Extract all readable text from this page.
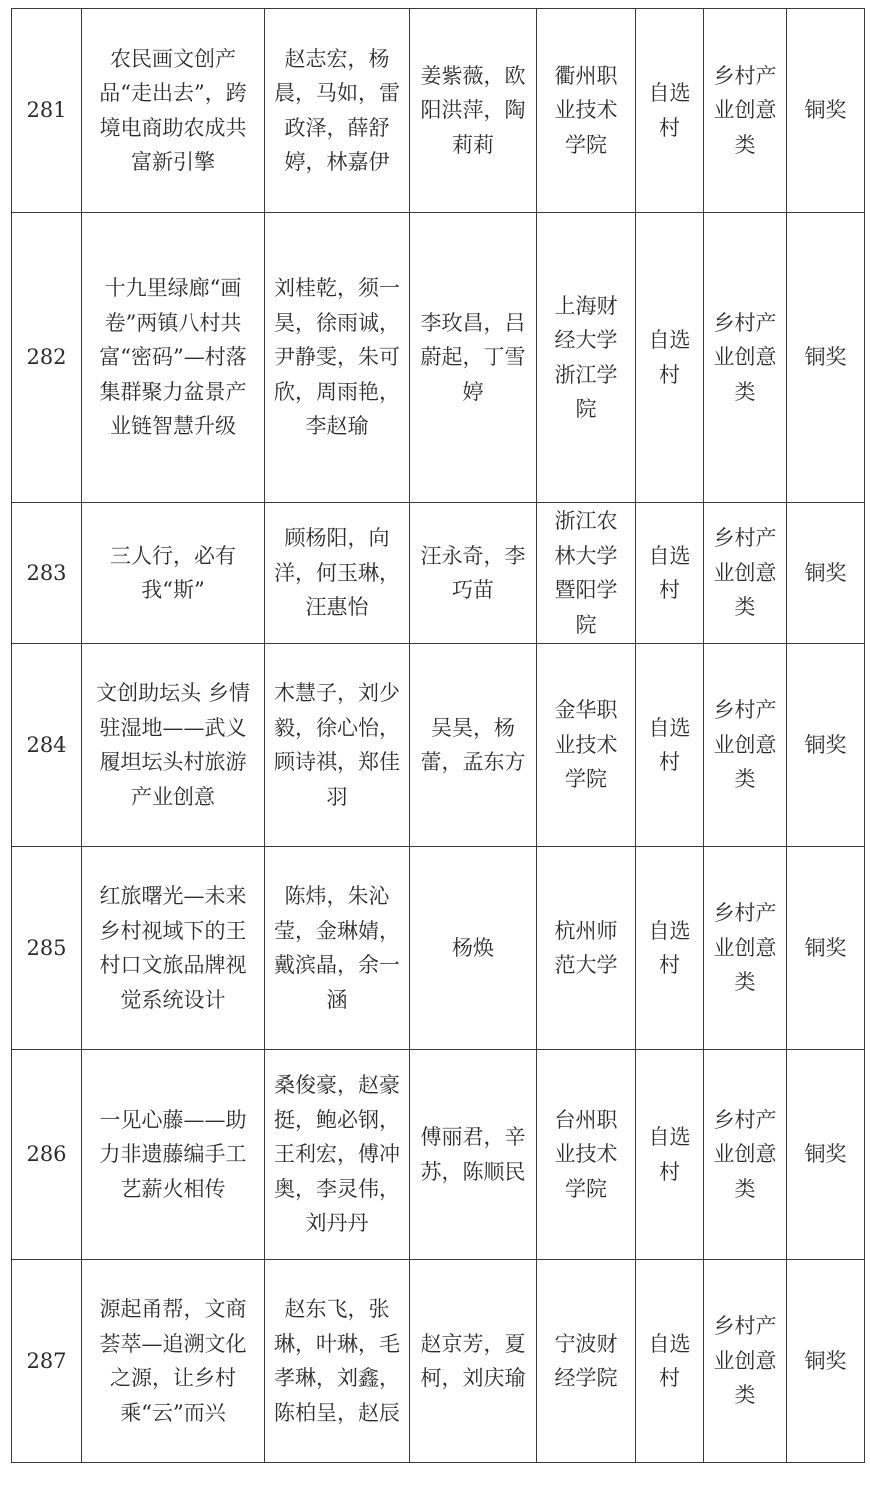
281	农民画文创产品“走出去”，跨境电商助农成共富新引擎	赵志宏，杨晨，马如，雷政泽，薛舒婷，林嘉伊	姜紫薇，欧阳洪萍，陶莉莉	衢州职业技术学院	自选村	乡村产业创意类	铜奖
282	十九里绿廊“画卷”两镇八村共富“密码”—村落集群聚力盆景产业链智慧升级	刘桂乾，须一昊，徐雨诚，尹静雯，朱可欣，周雨艳，李赵瑜	李玫昌，吕蔚起，丁雪婷	上海财经大学浙江学院	自选村	乡村产业创意类	铜奖
283	三人行，必有我“斯”	顾杨阳，向洋，何玉琳，汪惠怡	汪永奇，李巧苗	浙江农林大学暨阳学院	自选村	乡村产业创意类	铜奖
284	文创助坛头 乡情驻湿地——武义履坦坛头村旅游产业创意	木慧子，刘少毅，徐心怡，顾诗祺，郑佳羽	吴昊，杨蕾，孟东方	金华职业技术学院	自选村	乡村产业创意类	铜奖
285	红旅曙光—未来乡村视域下的王村口文旅品牌视觉系统设计	陈炜，朱沁莹，金琳婧，戴滨晶，余一涵	杨焕	杭州师范大学	自选村	乡村产业创意类	铜奖
286	一见心藤——助力非遗藤编手工艺薪火相传	桑俊豪，赵豪挺，鲍必钢，王利宏，傅冲奥，李灵伟，刘丹丹	傅丽君，辛苏，陈顺民	台州职业技术学院	自选村	乡村产业创意类	铜奖
287	源起甬帮，文商荟萃—追溯文化之源，让乡村乘“云”而兴	赵东飞，张琳，叶琳，毛孝琳，刘鑫，陈柏呈，赵辰	赵京芳，夏柯，刘庆瑜	宁波财经学院	自选村	乡村产业创意类	铜奖
